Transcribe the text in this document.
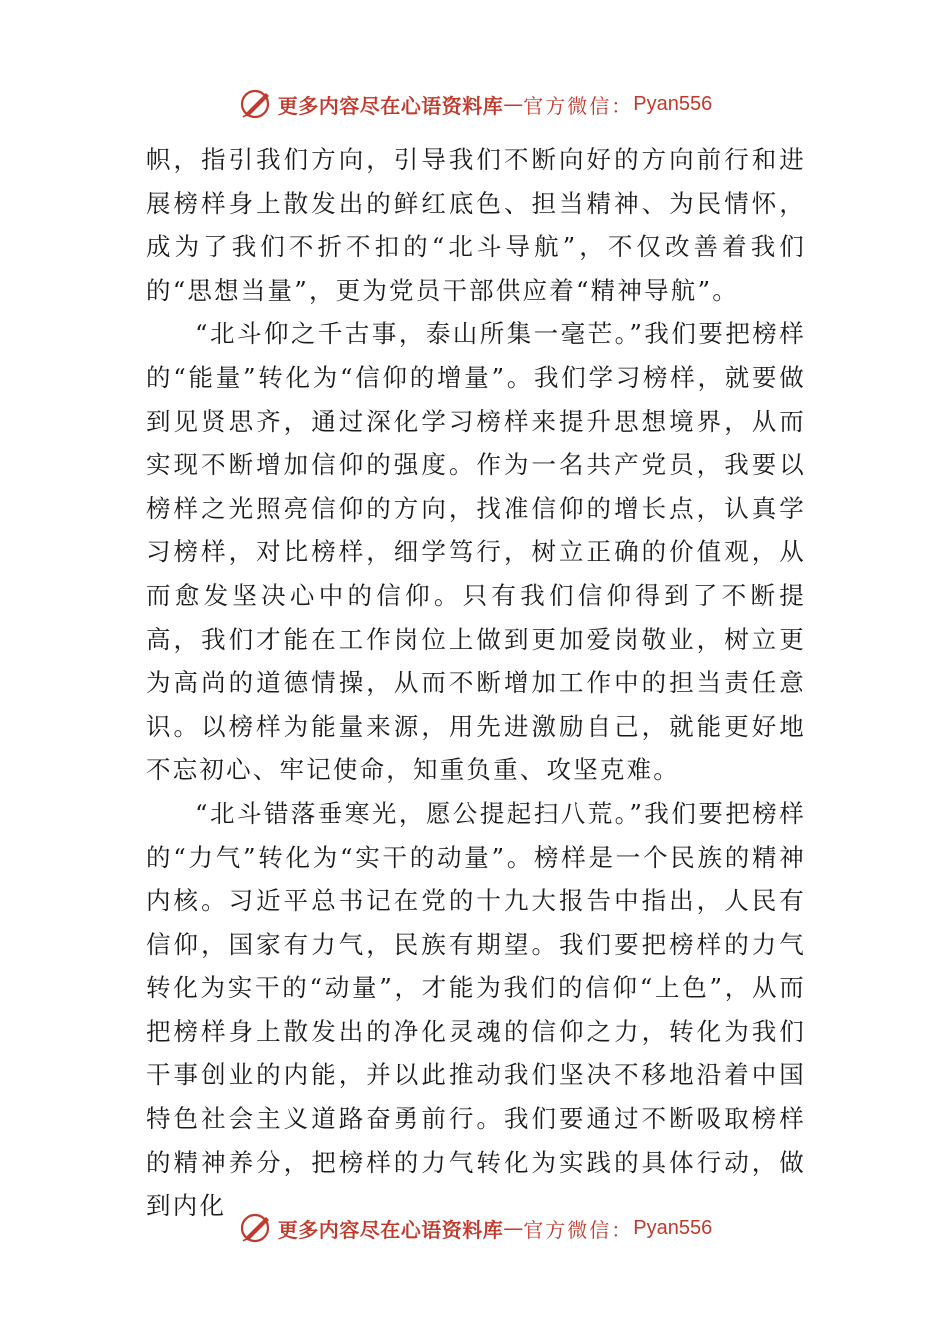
更多内容尽在心语资料库 — 官方微信： Pyan556

帜，指引我们方向，引导我们不断向好的方向前行和进展榜样身上散发出的鲜红底色、担当精神、为民情怀，成为了我们不折不扣的“北斗导航”，不仅改善着我们的“思想当量”，更为党员干部供应着“精神导航”。

“北斗仰之千古事，泰山所集一毫芒。”我们要把榜样的“能量”转化为“信仰的增量”。我们学习榜样，就要做到见贤思齐，通过深化学习榜样来提升思想境界，从而实现不断增加信仰的强度。作为一名共产党员，我要以榜样之光照亮信仰的方向，找准信仰的增长点，认真学习榜样，对比榜样，细学笃行，树立正确的价值观，从而愈发坚决心中的信仰。只有我们信仰得到了不断提高，我们才能在工作岗位上做到更加爱岗敬业，树立更为高尚的道德情操，从而不断增加工作中的担当责任意识。以榜样为能量来源，用先进激励自己，就能更好地不忘初心、牢记使命，知重负重、攻坚克难。

“北斗错落垂寒光，愿公提起扫八荒。”我们要把榜样的“力气”转化为“实干的动量”。榜样是一个民族的精神内核。习近平总书记在党的十九大报告中指出，人民有信仰，国家有力气，民族有期望。我们要把榜样的力气转化为实干的“动量”，才能为我们的信仰“上色”，从而把榜样身上散发出的净化灵魂的信仰之力，转化为我们干事创业的内能，并以此推动我们坚决不移地沿着中国特色社会主义道路奋勇前行。我们要通过不断吸取榜样的精神养分，把榜样的力气转化为实践的具体行动，做到内化

更多内容尽在心语资料库 — 官方微信： Pyan556
